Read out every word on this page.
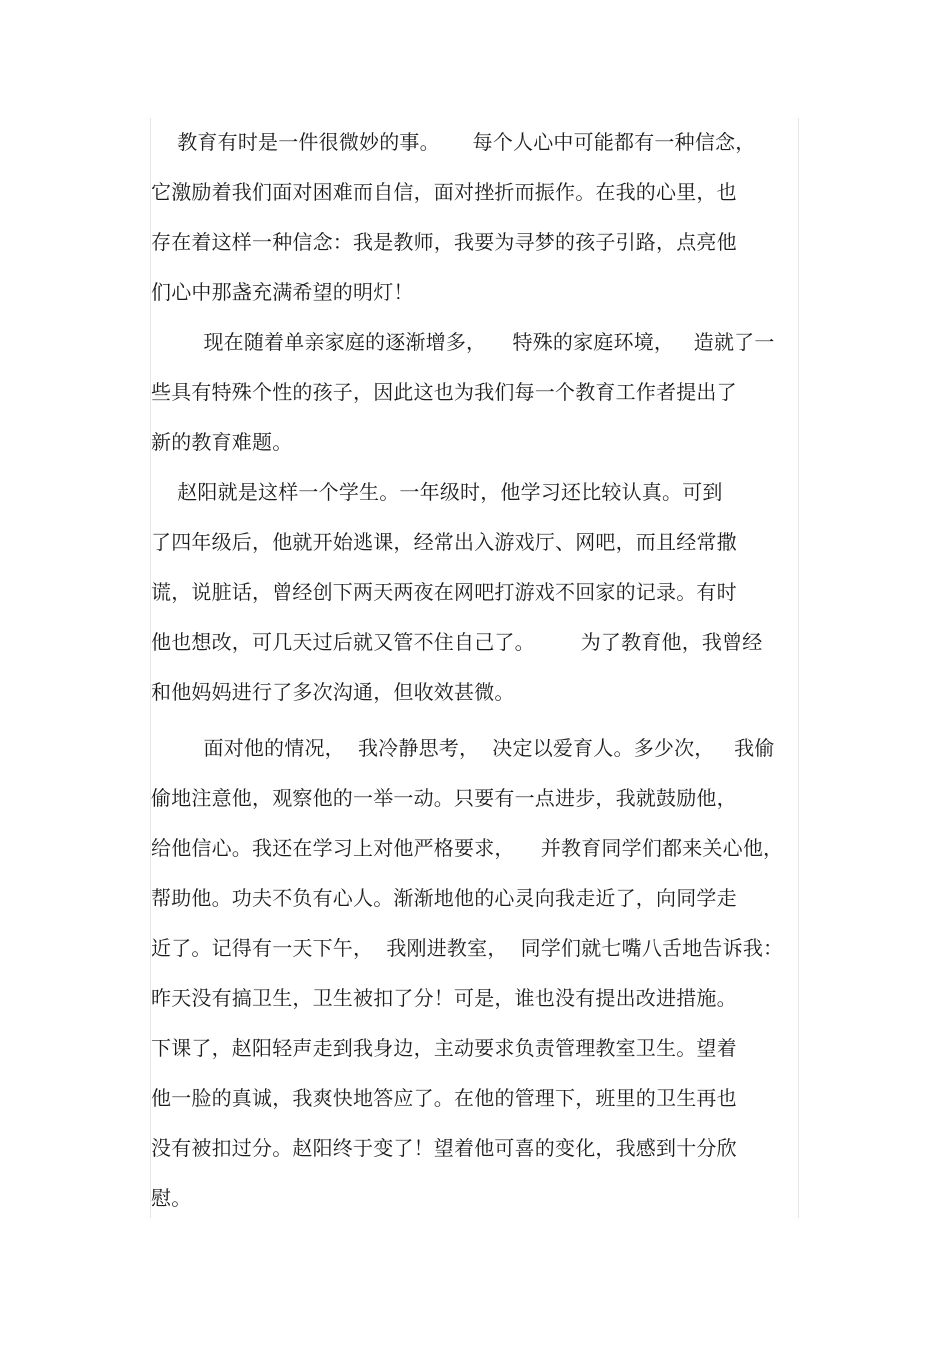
教育有时是一件很微妙的事。     每个人心中可能都有一种信念，
它激励着我们面对困难而自信，面对挫折而振作。在我的心里，也
存在着这样一种信念：我是教师，我要为寻梦的孩子引路，点亮他
们心中那盏充满希望的明灯！
现在随着单亲家庭的逐渐增多，    特殊的家庭环境，   造就了一
些具有特殊个性的孩子，因此这也为我们每一个教育工作者提出了
新的教育难题。
赵阳就是这样一个学生。一年级时，他学习还比较认真。可到
了四年级后，他就开始逃课，经常出入游戏厅、网吧，而且经常撒
谎，说脏话，曾经创下两天两夜在网吧打游戏不回家的记录。有时
他也想改，可几天过后就又管不住自己了。       为了教育他，我曾经
和他妈妈进行了多次沟通，但收效甚微。
面对他的情况，  我冷静思考，  决定以爱育人。多少次，   我偷
偷地注意他，观察他的一举一动。只要有一点进步，我就鼓励他，
给他信心。我还在学习上对他严格要求，    并教育同学们都来关心他，
帮助他。功夫不负有心人。渐渐地他的心灵向我走近了，向同学走
近了。记得有一天下午，  我刚进教室，  同学们就七嘴八舌地告诉我：
昨天没有搞卫生，卫生被扣了分！可是，谁也没有提出改进措施。
下课了，赵阳轻声走到我身边，主动要求负责管理教室卫生。望着
他一脸的真诚，我爽快地答应了。在他的管理下，班里的卫生再也
没有被扣过分。赵阳终于变了！望着他可喜的变化，我感到十分欣
慰。
